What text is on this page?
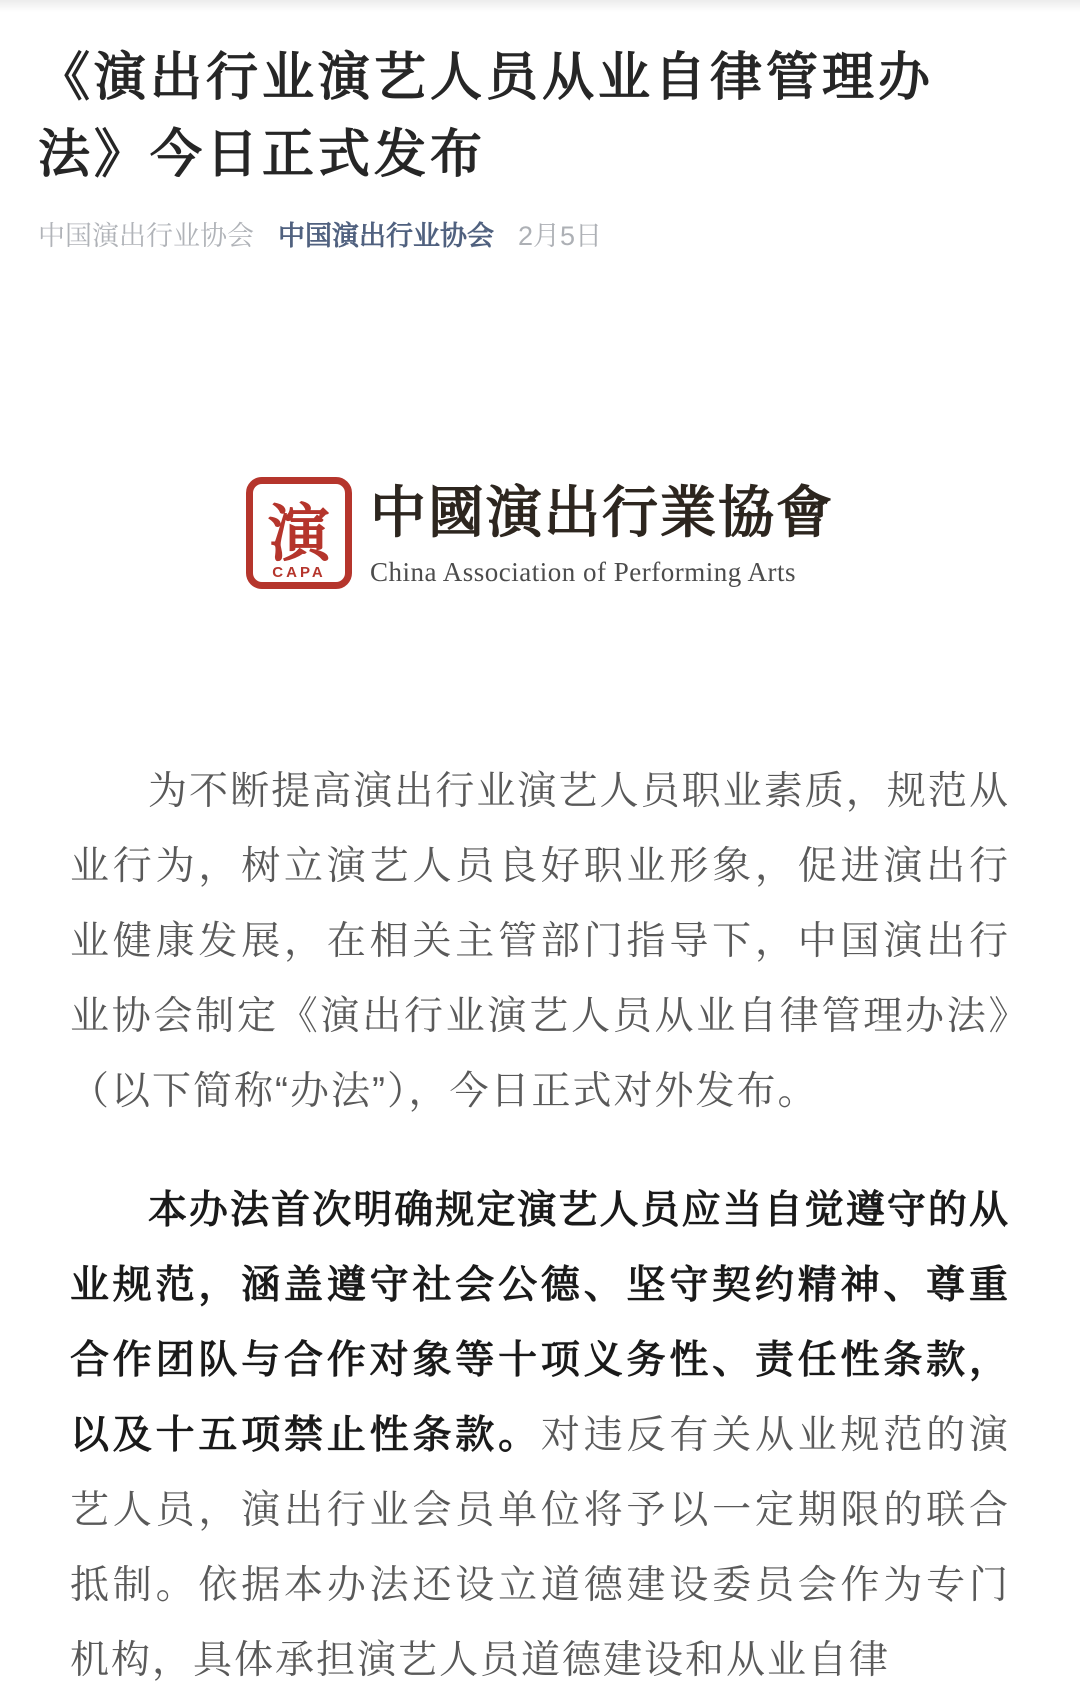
《演出行业演艺人员从业自律管理办法》今日正式发布
中国演出行业协会 中国演出行业协会 2月5日
演
CAPA
中國演出行業協會
China Association of Performing Arts

为不断提高演出行业演艺人员职业素质，规范从业行为，树立演艺人员良好职业形象，促进演出行业健康发展，在相关主管部门指导下，中国演出行业协会制定《演出行业演艺人员从业自律管理办法》（以下简称“办法”），今日正式对外发布。

本办法首次明确规定演艺人员应当自觉遵守的从业规范，涵盖遵守社会公德、坚守契约精神、尊重合作团队与合作对象等十项义务性、责任性条款，以及十五项禁止性条款。对违反有关从业规范的演艺人员，演出行业会员单位将予以一定期限的联合抵制。依据本办法还设立道德建设委员会作为专门机构，具体承担演艺人员道德建设和从业自律
